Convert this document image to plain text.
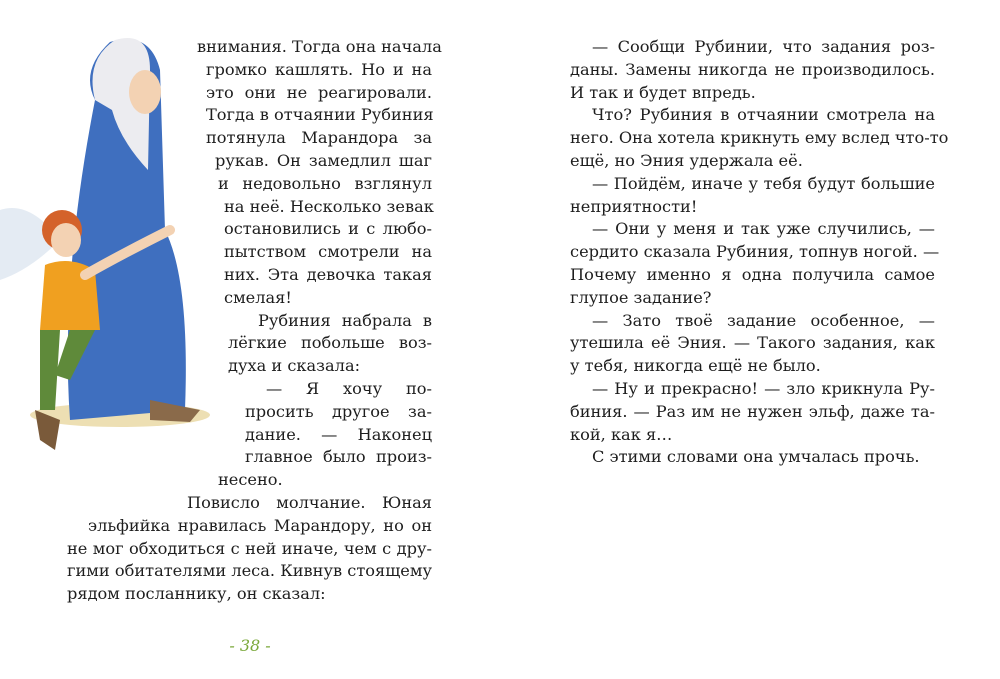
внимания. Тогда она начала
громко кашлять. Но и на
это они не реагировали.
Тогда в отчаянии Рубиния
потянула Марандора за
рукав. Он замедлил шаг
и недовольно взглянул
на неё. Несколько зевак
остановились и с любо-
пытством смотрели на
них. Эта девочка такая
смелая!
Рубиния набрала в
лёгкие побольше воз-
духа и сказала:
— Я хочу по-
просить другое за-
дание. — Наконец
главное было произ-
несено.
Повисло молчание. Юная
эльфийка нравилась Марандору, но он
не мог обходиться с ней иначе, чем с дру-
гими обитателями леса. Кивнув стоящему
рядом посланнику, он сказал:
— Сообщи Рубинии, что задания роз-
даны. Замены никогда не производилось.
И так и будет впредь.
Что? Рубиния в отчаянии смотрела на
него. Она хотела крикнуть ему вслед что-то
ещё, но Эния удержала её.
— Пойдём, иначе у тебя будут большие
неприятности!
— Они у меня и так уже случились, —
сердито сказала Рубиния, топнув ногой. —
Почему именно я одна получила самое
глупое задание?
— Зато твоё задание особенное, —
утешила её Эния. — Такого задания, как
у тебя, никогда ещё не было.
— Ну и прекрасно! — зло крикнула Ру-
биния. — Раз им не нужен эльф, даже та-
кой, как я…
С этими словами она умчалась прочь.
- 38 -
